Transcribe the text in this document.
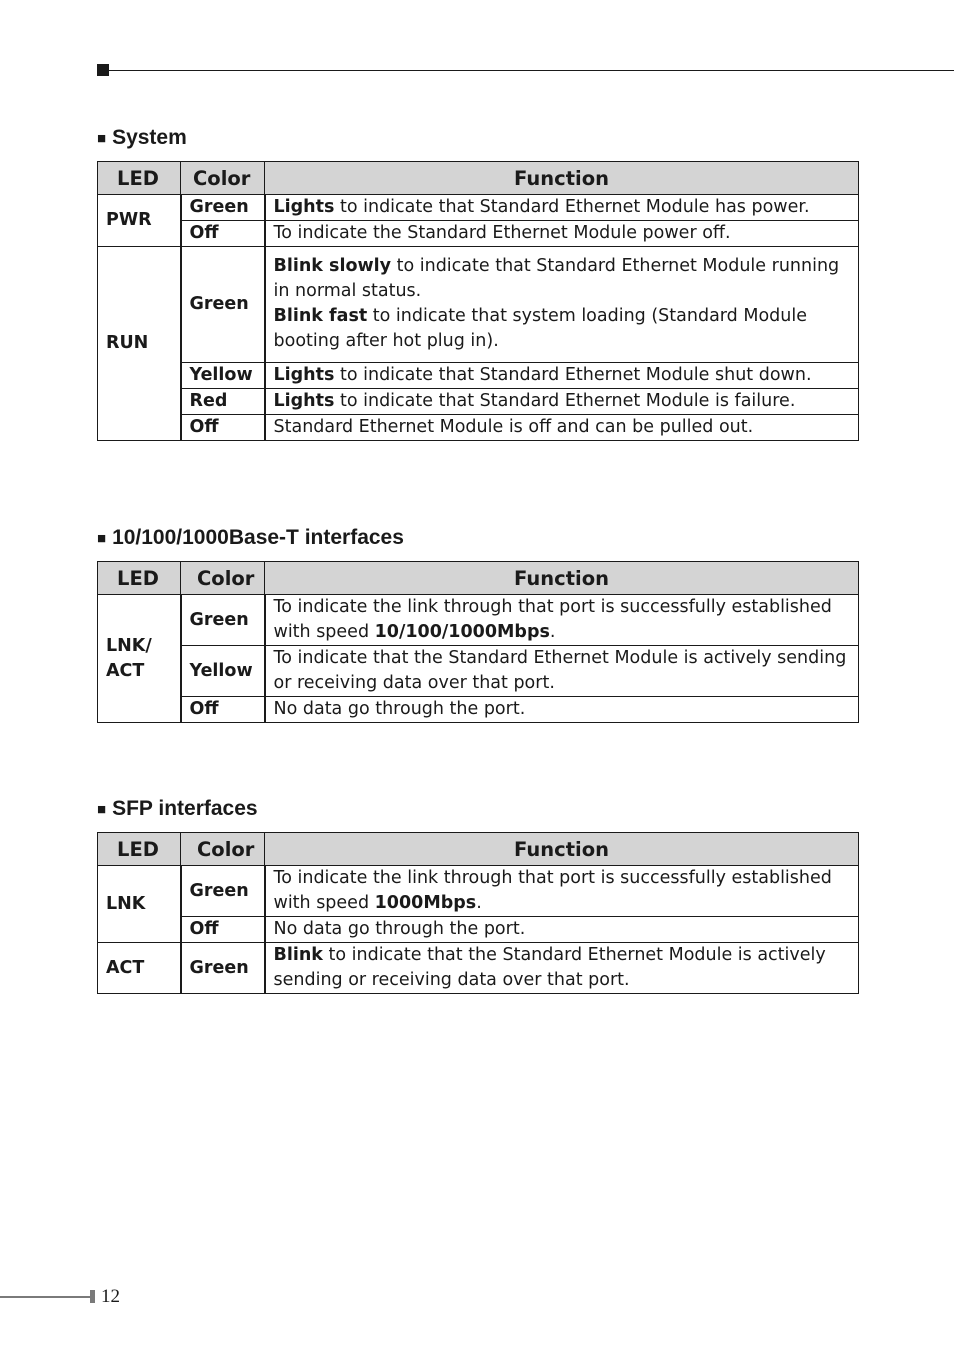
■ System
LED	Color	Function
PWR	Green	Lights to indicate that Standard Ethernet Module has power.
	Off	To indicate the Standard Ethernet Module power off.
RUN	Green	Blink slowly to indicate that Standard Ethernet Module running in normal status.
Blink fast to indicate that system loading (Standard Module booting after hot plug in).
	Yellow	Lights to indicate that Standard Ethernet Module shut down.
	Red	Lights to indicate that Standard Ethernet Module is failure.
	Off	Standard Ethernet Module is off and can be pulled out.
■ 10/100/1000Base-T interfaces
LED	Color	Function
LNK/
ACT	Green	To indicate the link through that port is successfully established with speed 10/100/1000Mbps.
	Yellow	To indicate that the Standard Ethernet Module is actively sending or receiving data over that port.
	Off	No data go through the port.
■ SFP interfaces
LED	Color	Function
LNK	Green	To indicate the link through that port is successfully established with speed 1000Mbps.
	Off	No data go through the port.
ACT	Green	Blink to indicate that the Standard Ethernet Module is actively sending or receiving data over that port.
12
